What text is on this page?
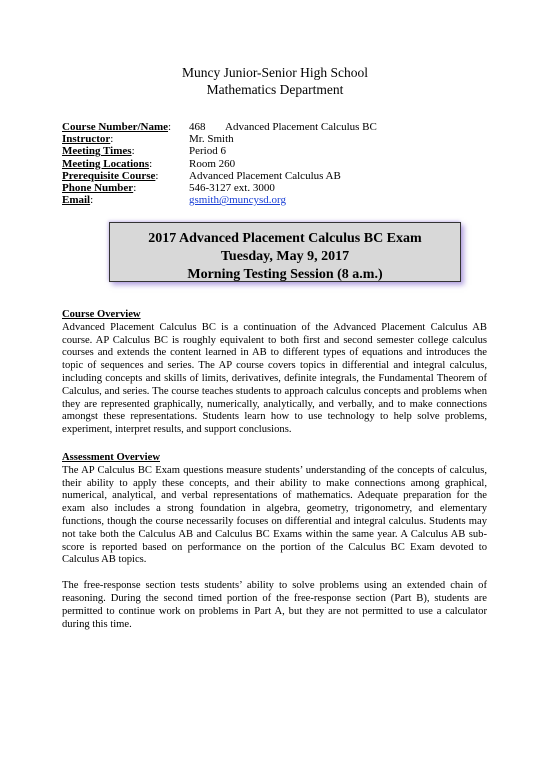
Muncy Junior-Senior High School
Mathematics Department
Course Number/Name:	468 Advanced Placement Calculus BC
Instructor:	Mr. Smith
Meeting Times:	Period 6
Meeting Locations:	Room 260
Prerequisite Course:	Advanced Placement Calculus AB
Phone Number:	546-3127 ext. 3000
Email:	gsmith@muncysd.org
2017 Advanced Placement Calculus BC Exam
Tuesday, May 9, 2017
Morning Testing Session (8 a.m.)
Course Overview

Advanced Placement Calculus BC is a continuation of the Advanced Placement Calculus AB course. AP Calculus BC is roughly equivalent to both first and second semester college calculus courses and extends the content learned in AB to different types of equations and introduces the topic of sequences and series. The AP course covers topics in differential and integral calculus, including concepts and skills of limits, derivatives, definite integrals, the Fundamental Theorem of Calculus, and series. The course teaches students to approach calculus concepts and problems when they are represented graphically, numerically, analytically, and verbally, and to make connections amongst these representations. Students learn how to use technology to help solve problems, experiment, interpret results, and support conclusions.

Assessment Overview

The AP Calculus BC Exam questions measure students’ understanding of the concepts of calculus, their ability to apply these concepts, and their ability to make connections among graphical, numerical, analytical, and verbal representations of mathematics. Adequate preparation for the exam also includes a strong foundation in algebra, geometry, trigonometry, and elementary functions, though the course necessarily focuses on differential and integral calculus. Students may not take both the Calculus AB and Calculus BC Exams within the same year. A Calculus AB sub-score is reported based on performance on the portion of the Calculus BC Exam devoted to Calculus AB topics.

The free-response section tests students’ ability to solve problems using an extended chain of reasoning. During the second timed portion of the free-response section (Part B), students are permitted to continue work on problems in Part A, but they are not permitted to use a calculator during this time.
